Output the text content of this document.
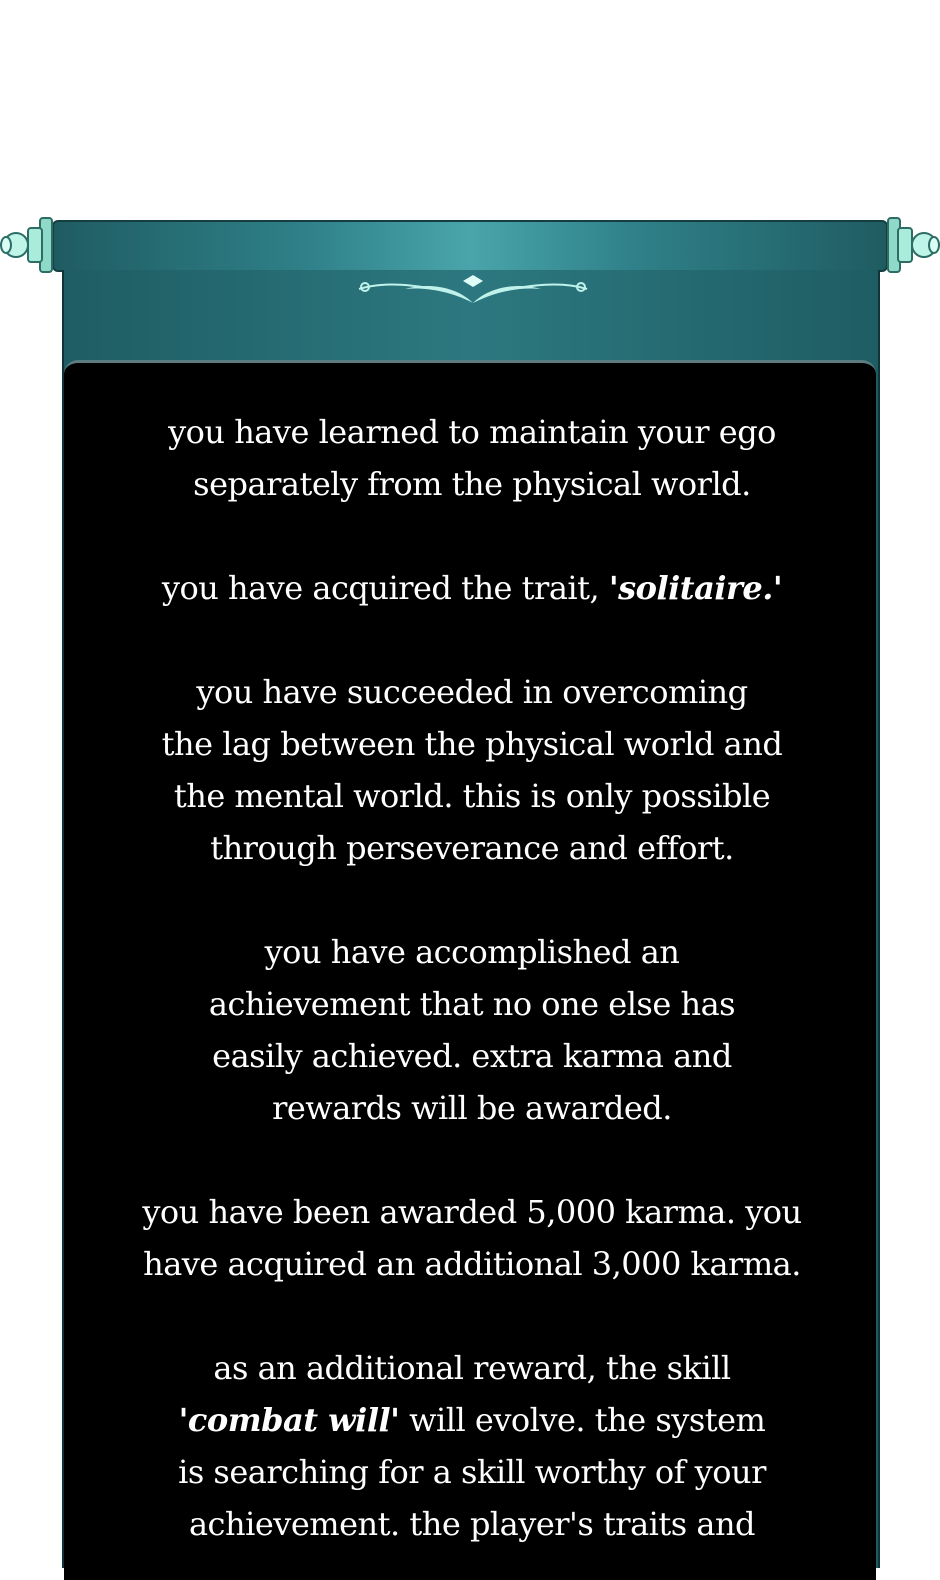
you have learned to maintain your ego

separately from the physical world.

you have acquired the trait, 'solitaire.'

you have succeeded in overcoming

the lag between the physical world and

the mental world. this is only possible

through perseverance and effort.

you have accomplished an

achievement that no one else has

easily achieved. extra karma and

rewards will be awarded.

you have been awarded 5,000 karma. you

have acquired an additional 3,000 karma.

as an additional reward, the skill

'combat will' will evolve. the system

is searching for a skill worthy of your

achievement. the player's traits and
